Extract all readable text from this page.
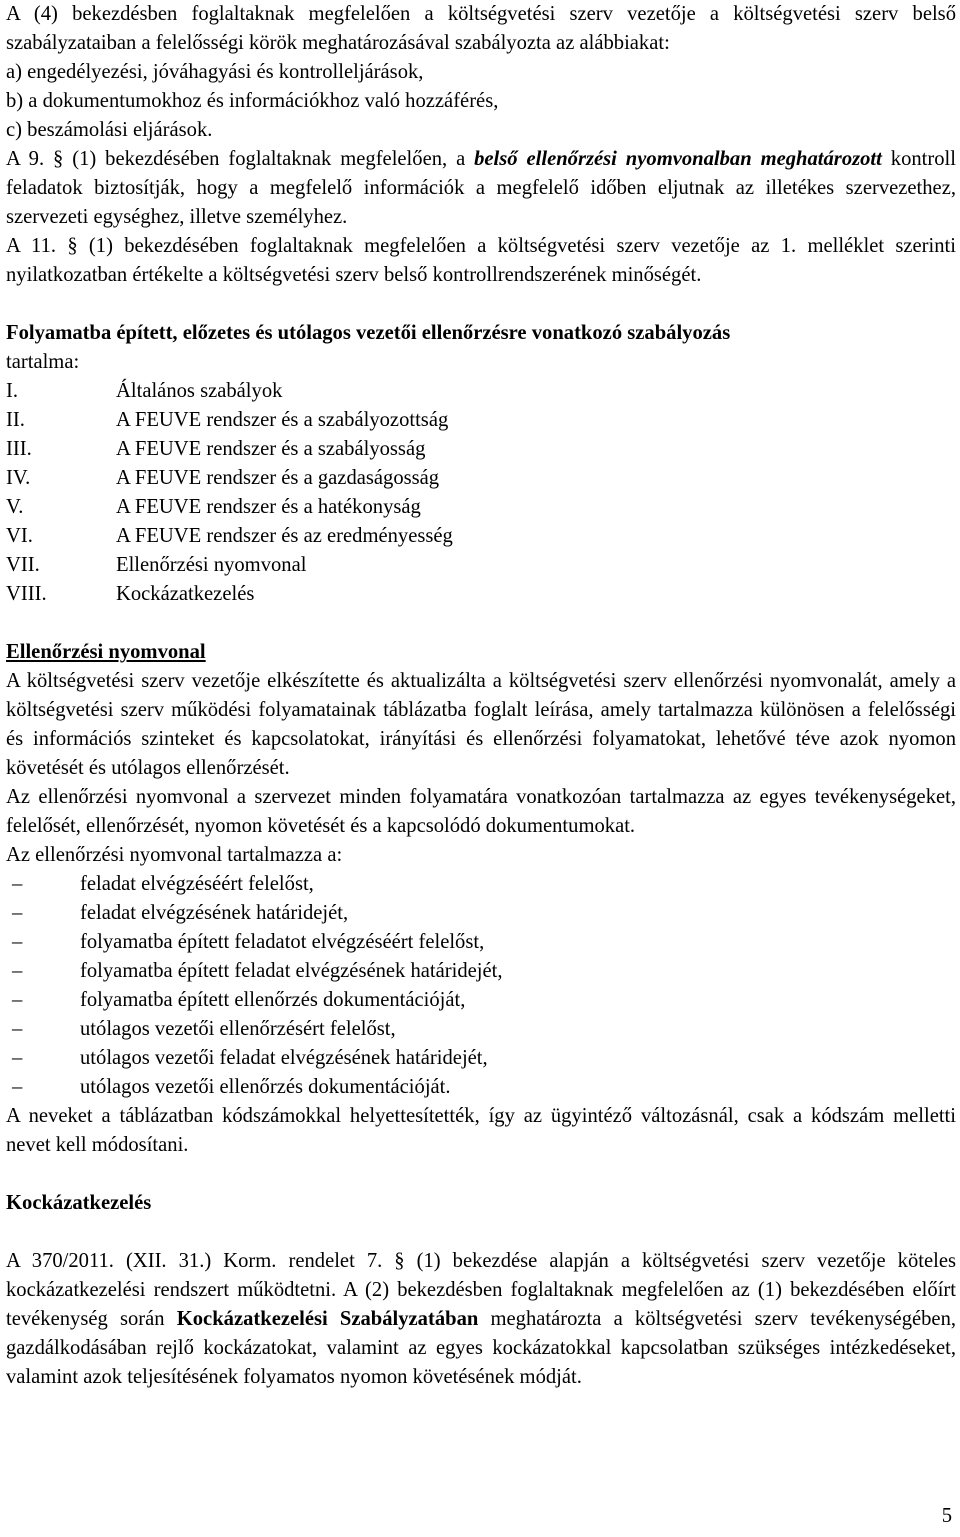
A (4) bekezdésben foglaltaknak megfelelően a költségvetési szerv vezetője a költségvetési szerv belső szabályzataiban a felelősségi körök meghatározásával szabályozta az alábbiakat:

a) engedélyezési, jóváhagyási és kontrolleljárások,

b) a dokumentumokhoz és információkhoz való hozzáférés,

c) beszámolási eljárások.

A 9. § (1) bekezdésében foglaltaknak megfelelően, a belső ellenőrzési nyomvonalban meghatározott kontroll feladatok biztosítják, hogy a megfelelő információk a megfelelő időben eljutnak az illetékes szervezethez, szervezeti egységhez, illetve személyhez.

A 11. § (1) bekezdésében foglaltaknak megfelelően a költségvetési szerv vezetője az 1. melléklet szerinti nyilatkozatban értékelte a költségvetési szerv belső kontrollrendszerének minőségét.

Folyamatba épített, előzetes és utólagos vezetői ellenőrzésre vonatkozó szabályozás

tartalma:

I.	Általános szabályok
II.	A FEUVE rendszer és a szabályozottság
III.	A FEUVE rendszer és a szabályosság
IV.	A FEUVE rendszer és a gazdaságosság
V.	A FEUVE rendszer és a hatékonyság
VI.	A FEUVE rendszer és az eredményesség
VII.	Ellenőrzési nyomvonal
VIII.	Kockázatkezelés

Ellenőrzési nyomvonal

A költségvetési szerv vezetője elkészítette és aktualizálta a költségvetési szerv ellenőrzési nyomvonalát, amely a költségvetési szerv működési folyamatainak táblázatba foglalt leírása, amely tartalmazza különösen a felelősségi és információs szinteket és kapcsolatokat, irányítási és ellenőrzési folyamatokat, lehetővé téve azok nyomon követését és utólagos ellenőrzését.

Az ellenőrzési nyomvonal a szervezet minden folyamatára vonatkozóan tartalmazza az egyes tevékenységeket, felelősét, ellenőrzését, nyomon követését és a kapcsolódó dokumentumokat.

Az ellenőrzési nyomvonal tartalmazza a:

–	feladat elvégzéséért felelőst,
–	feladat elvégzésének határidejét,
–	folyamatba épített feladatot elvégzéséért felelőst,
–	folyamatba épített feladat elvégzésének határidejét,
–	folyamatba épített ellenőrzés dokumentációját,
–	utólagos vezetői ellenőrzésért felelőst,
–	utólagos vezetői feladat elvégzésének határidejét,
–	utólagos vezetői ellenőrzés dokumentációját.

A neveket a táblázatban kódszámokkal helyettesítették, így az ügyintéző változásnál, csak a kódszám melletti nevet kell módosítani.

Kockázatkezelés

A 370/2011. (XII. 31.) Korm. rendelet 7. § (1) bekezdése alapján a költségvetési szerv vezetője köteles kockázatkezelési rendszert működtetni. A (2) bekezdésben foglaltaknak megfelelően az (1) bekezdésében előírt tevékenység során Kockázatkezelési Szabályzatában meghatározta a költségvetési szerv tevékenységében, gazdálkodásában rejlő kockázatokat, valamint az egyes kockázatokkal kapcsolatban szükséges intézkedéseket, valamint azok teljesítésének folyamatos nyomon követésének módját.

5
